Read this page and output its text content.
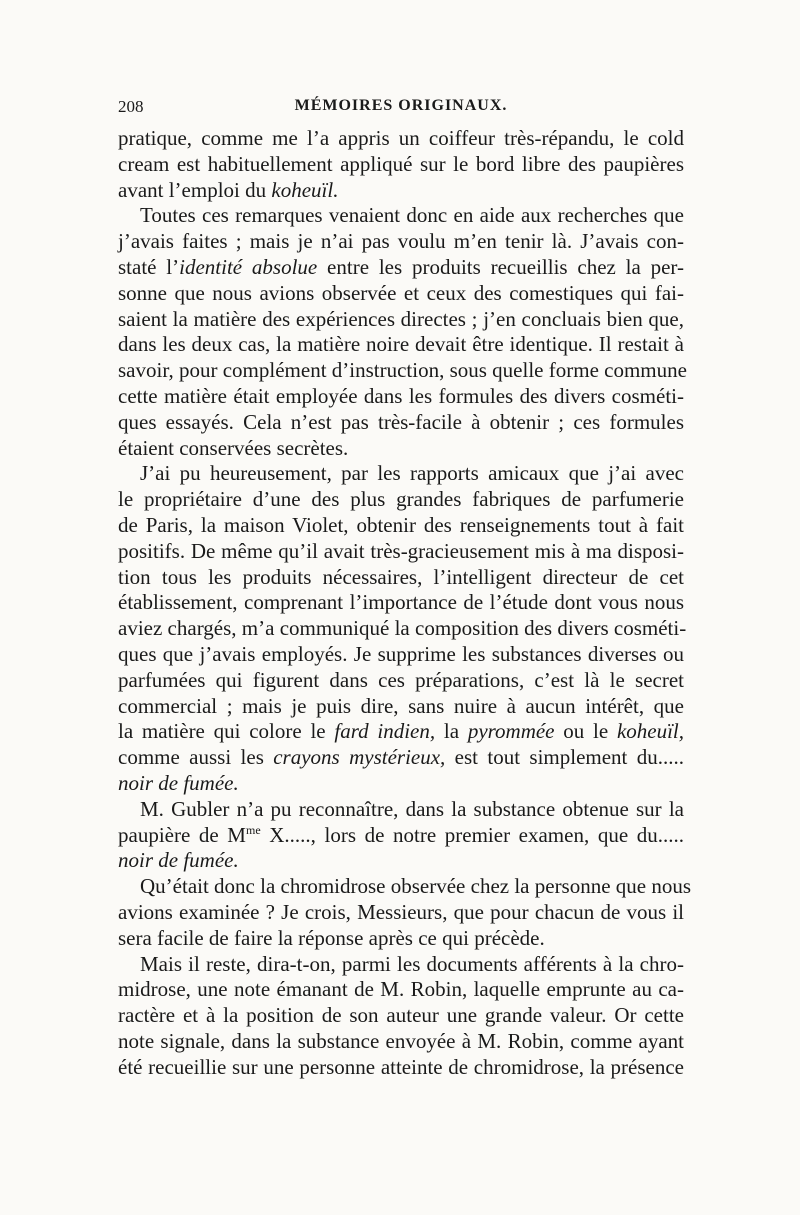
208	MÉMOIRES ORIGINAUX.
pratique, comme me l’a appris un coiffeur très-répandu, le cold
cream est habituellement appliqué sur le bord libre des paupières
avant l’emploi du koheuïl.
Toutes ces remarques venaient donc en aide aux recherches que
j’avais faites ; mais je n’ai pas voulu m’en tenir là. J’avais con-
staté l’identité absolue entre les produits recueillis chez la per-
sonne que nous avions observée et ceux des comestiques qui fai-
saient la matière des expériences directes ; j’en concluais bien que,
dans les deux cas, la matière noire devait être identique. Il restait à
savoir, pour complément d’instruction, sous quelle forme commune
cette matière était employée dans les formules des divers cosméti-
ques essayés. Cela n’est pas très-facile à obtenir ; ces formules
étaient conservées secrètes.
J’ai pu heureusement, par les rapports amicaux que j’ai avec
le propriétaire d’une des plus grandes fabriques de parfumerie
de Paris, la maison Violet, obtenir des renseignements tout à fait
positifs. De même qu’il avait très-gracieusement mis à ma disposi-
tion tous les produits nécessaires, l’intelligent directeur de cet
établissement, comprenant l’importance de l’étude dont vous nous
aviez chargés, m’a communiqué la composition des divers cosméti-
ques que j’avais employés. Je supprime les substances diverses ou
parfumées qui figurent dans ces préparations, c’est là le secret
commercial ; mais je puis dire, sans nuire à aucun intérêt, que
la matière qui colore le fard indien, la pyrommée ou le koheuïl,
comme aussi les crayons mystérieux, est tout simplement du.....
noir de fumée.
M. Gubler n’a pu reconnaître, dans la substance obtenue sur la
paupière de $M^{me}$ X....., lors de notre premier examen, que du.....
noir de fumée.
Qu’était donc la chromidrose observée chez la personne que nous
avions examinée ? Je crois, Messieurs, que pour chacun de vous il
sera facile de faire la réponse après ce qui précède.
Mais il reste, dira-t-on, parmi les documents afférents à la chro-
midrose, une note émanant de M. Robin, laquelle emprunte au ca-
ractère et à la position de son auteur une grande valeur. Or cette
note signale, dans la substance envoyée à M. Robin, comme ayant
été recueillie sur une personne atteinte de chromidrose, la présence
